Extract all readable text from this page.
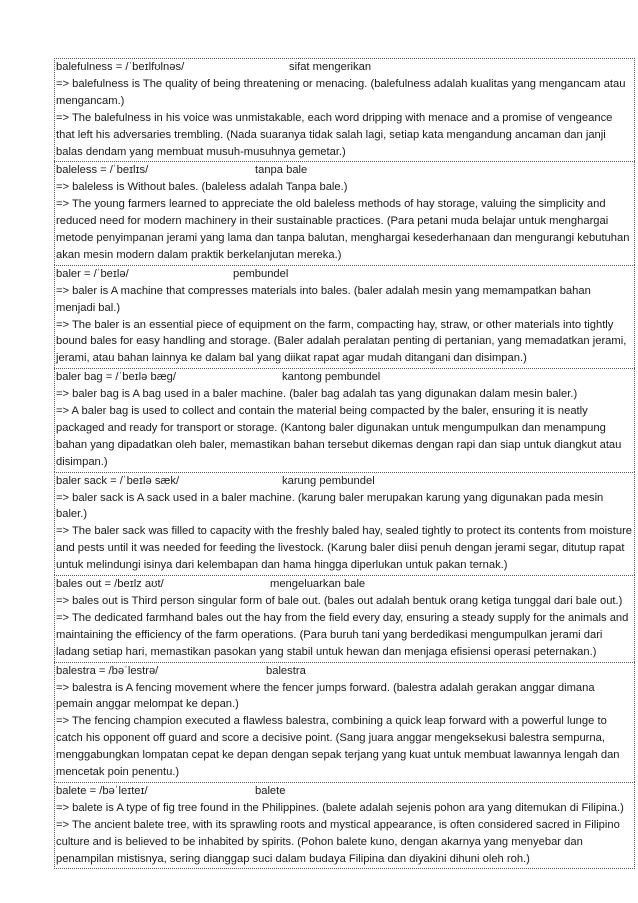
balefulness = /ˈbeɪlfʊlnəs/	sifat mengerikan
=> balefulness is The quality of being threatening or menacing. (balefulness adalah kualitas yang mengancam atau mengancam.)
=> The balefulness in his voice was unmistakable, each word dripping with menace and a promise of vengeance that left his adversaries trembling. (Nada suaranya tidak salah lagi, setiap kata mengandung ancaman dan janji balas dendam yang membuat musuh-musuhnya gemetar.)
baleless = /ˈbeɪlɪs/	tanpa bale
=> baleless is Without bales. (baleless adalah Tanpa bale.)
=> The young farmers learned to appreciate the old baleless methods of hay storage, valuing the simplicity and reduced need for modern machinery in their sustainable practices. (Para petani muda belajar untuk menghargai metode penyimpanan jerami yang lama dan tanpa balutan, menghargai kesederhanaan dan mengurangi kebutuhan akan mesin modern dalam praktik berkelanjutan mereka.)
baler = /ˈbeɪlə/	pembundel
=> baler is A machine that compresses materials into bales. (baler adalah mesin yang memampatkan bahan menjadi bal.)
=> The baler is an essential piece of equipment on the farm, compacting hay, straw, or other materials into tightly bound bales for easy handling and storage. (Baler adalah peralatan penting di pertanian, yang memadatkan jerami, jerami, atau bahan lainnya ke dalam bal yang diikat rapat agar mudah ditangani dan disimpan.)
baler bag = /ˈbeɪlə bæg/	kantong pembundel
=> baler bag is A bag used in a baler machine. (baler bag adalah tas yang digunakan dalam mesin baler.)
=> A baler bag is used to collect and contain the material being compacted by the baler, ensuring it is neatly packaged and ready for transport or storage. (Kantong baler digunakan untuk mengumpulkan dan menampung bahan yang dipadatkan oleh baler, memastikan bahan tersebut dikemas dengan rapi dan siap untuk diangkut atau disimpan.)
baler sack = /ˈbeɪlə sæk/	karung pembundel
=> baler sack is A sack used in a baler machine. (karung baler merupakan karung yang digunakan pada mesin baler.)
=> The baler sack was filled to capacity with the freshly baled hay, sealed tightly to protect its contents from moisture and pests until it was needed for feeding the livestock. (Karung baler diisi penuh dengan jerami segar, ditutup rapat untuk melindungi isinya dari kelembapan dan hama hingga diperlukan untuk pakan ternak.)
bales out = /beɪlz aʊt/	mengeluarkan bale
=> bales out is Third person singular form of bale out. (bales out adalah bentuk orang ketiga tunggal dari bale out.)
=> The dedicated farmhand bales out the hay from the field every day, ensuring a steady supply for the animals and maintaining the efficiency of the farm operations. (Para buruh tani yang berdedikasi mengumpulkan jerami dari ladang setiap hari, memastikan pasokan yang stabil untuk hewan dan menjaga efisiensi operasi peternakan.)
balestra = /bəˈlestrə/	balestra
=> balestra is A fencing movement where the fencer jumps forward. (balestra adalah gerakan anggar dimana pemain anggar melompat ke depan.)
=> The fencing champion executed a flawless balestra, combining a quick leap forward with a powerful lunge to catch his opponent off guard and score a decisive point. (Sang juara anggar mengeksekusi balestra sempurna, menggabungkan lompatan cepat ke depan dengan sepak terjang yang kuat untuk membuat lawannya lengah dan mencetak poin penentu.)
balete = /bəˈleɪteɪ/	balete
=> balete is A type of fig tree found in the Philippines. (balete adalah sejenis pohon ara yang ditemukan di Filipina.)
=> The ancient balete tree, with its sprawling roots and mystical appearance, is often considered sacred in Filipino culture and is believed to be inhabited by spirits. (Pohon balete kuno, dengan akarnya yang menyebar dan penampilan mistisnya, sering dianggap suci dalam budaya Filipina dan diyakini dihuni oleh roh.)
